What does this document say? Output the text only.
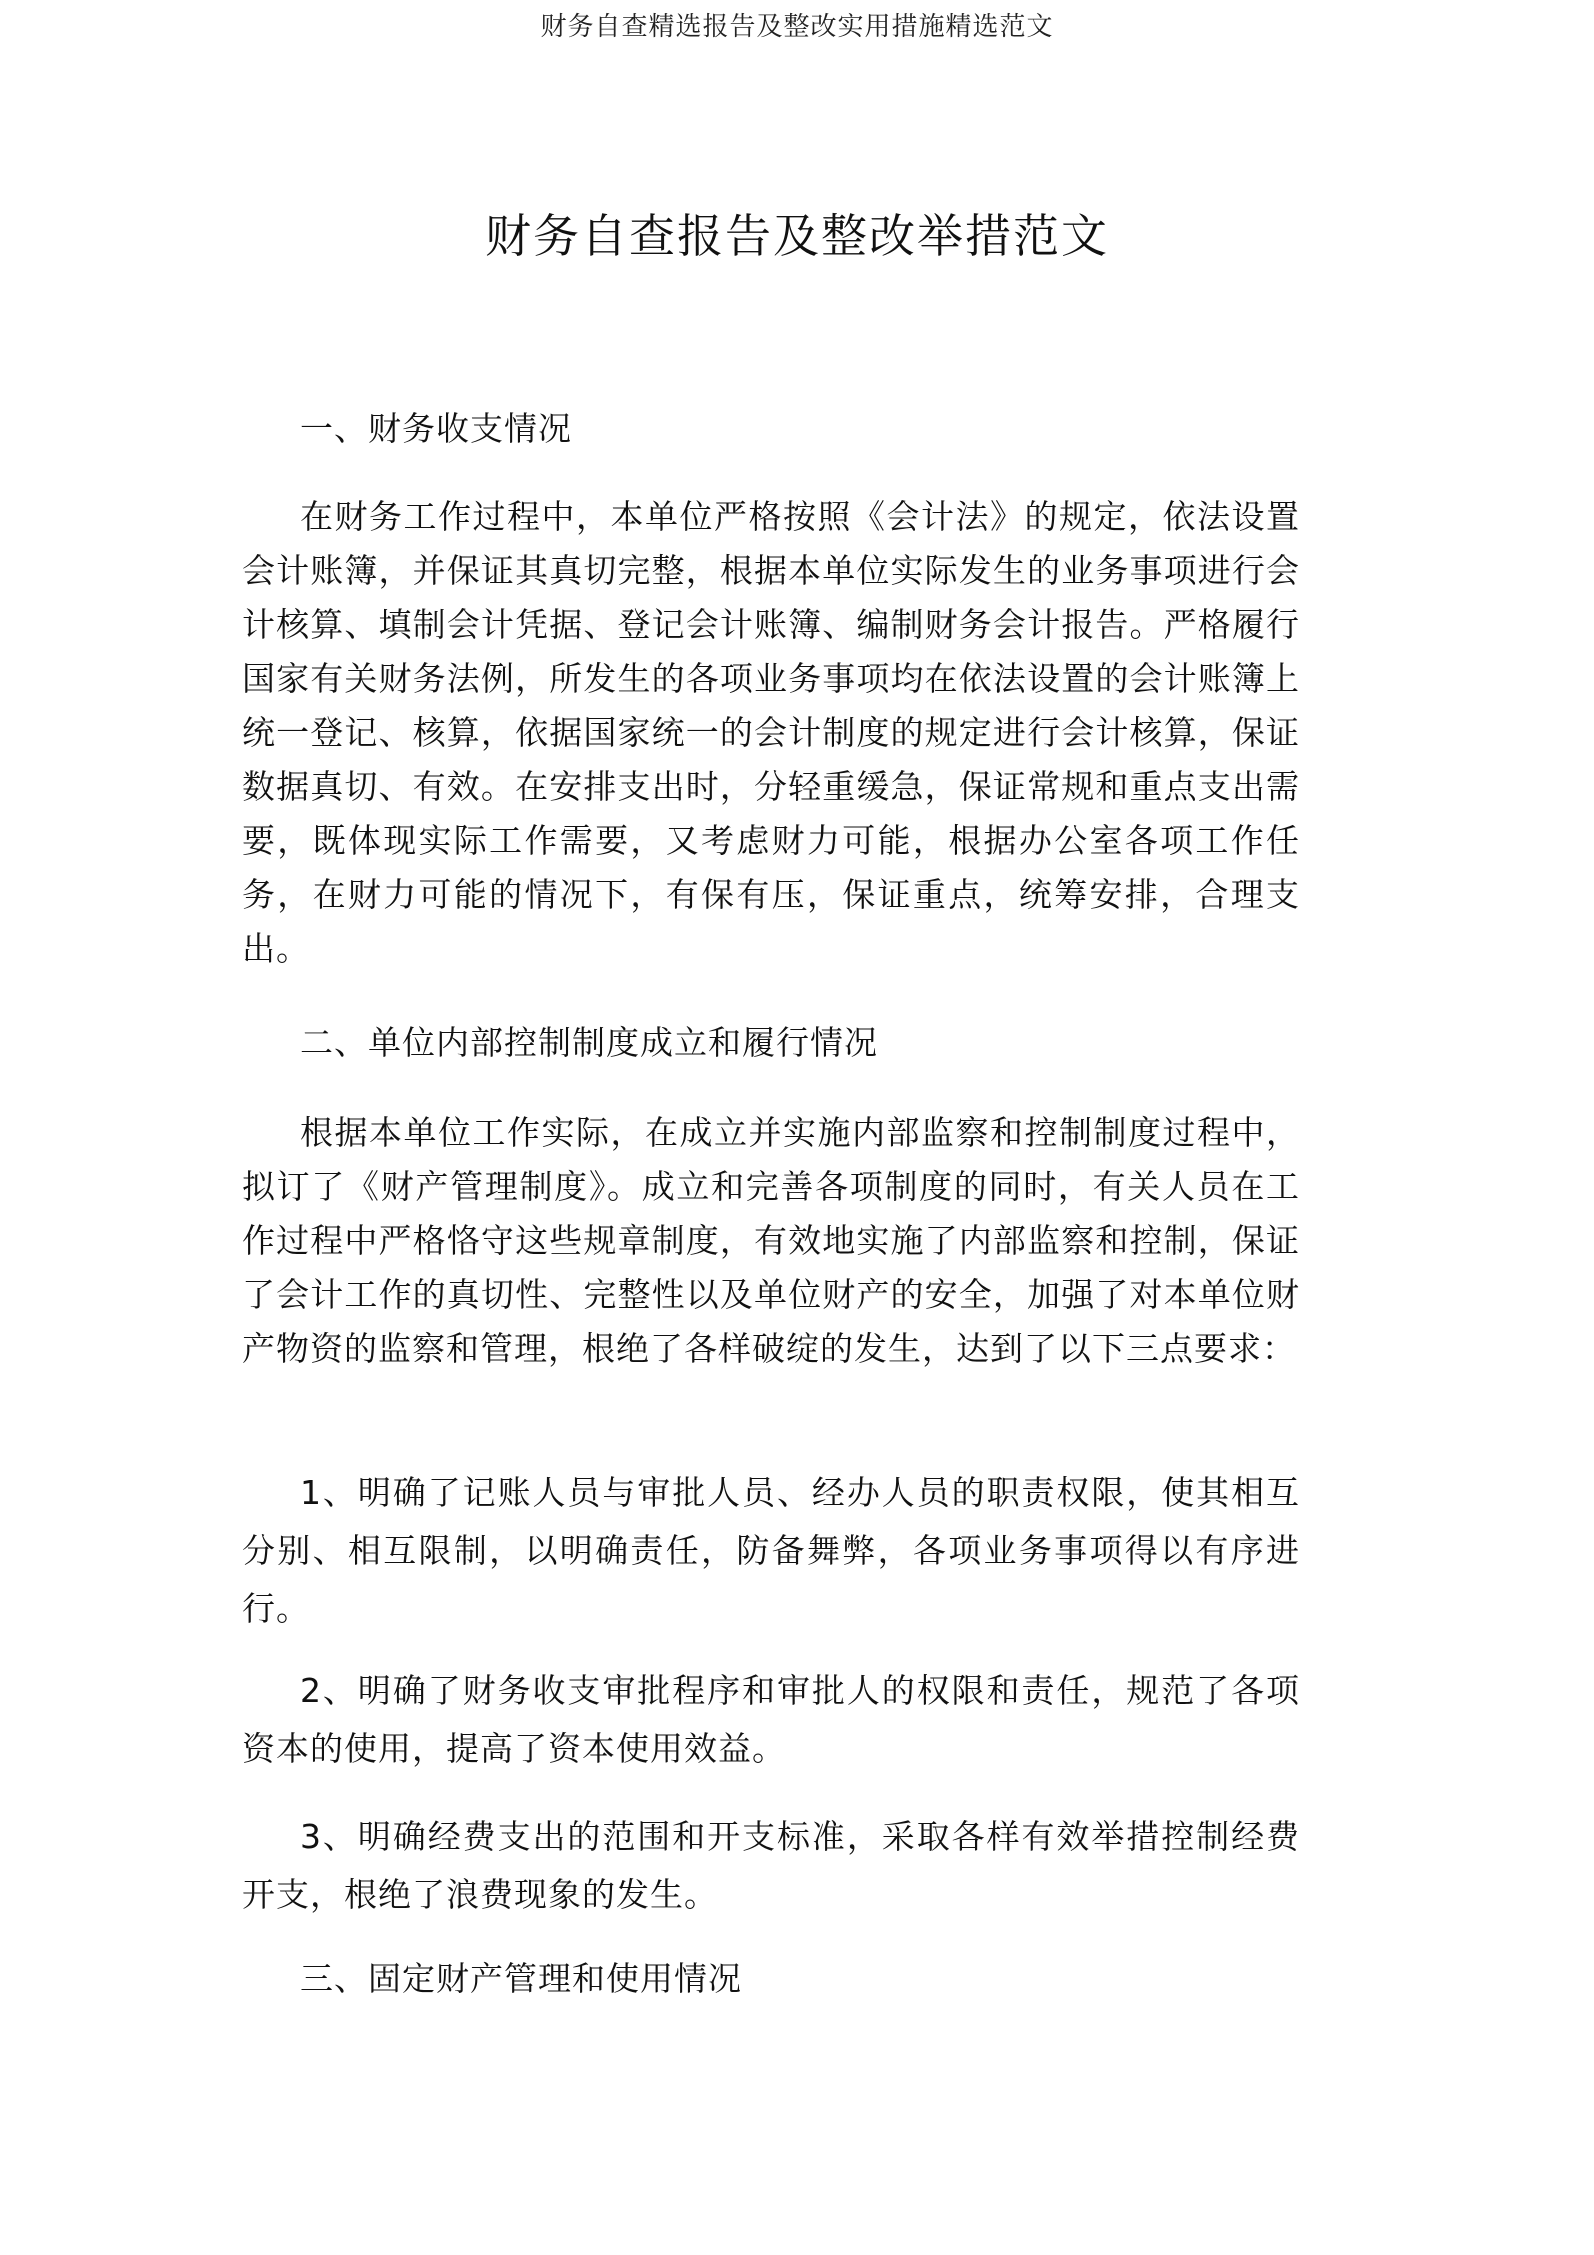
财务自查精选报告及整改实用措施精选范文

财务自查报告及整改举措范文

一、财务收支情况

在财务工作过程中，本单位严格按照《会计法》的规定，依法设置会计账簿，并保证其真切完整，根据本单位实际发生的业务事项进行会计核算、填制会计凭据、登记会计账簿、编制财务会计报告。严格履行国家有关财务法例，所发生的各项业务事项均在依法设置的会计账簿上统一登记、核算，依据国家统一的会计制度的规定进行会计核算，保证数据真切、有效。在安排支出时，分轻重缓急，保证常规和重点支出需要，既体现实际工作需要，又考虑财力可能，根据办公室各项工作任务，在财力可能的情况下，有保有压，保证重点，统筹安排，合理支出。

二、单位内部控制制度成立和履行情况

根据本单位工作实际，在成立并实施内部监察和控制制度过程中，拟订了《财产管理制度》。成立和完善各项制度的同时，有关人员在工作过程中严格恪守这些规章制度，有效地实施了内部监察和控制，保证了会计工作的真切性、完整性以及单位财产的安全，加强了对本单位财产物资的监察和管理，根绝了各样破绽的发生，达到了以下三点要求：

1、明确了记账人员与审批人员、经办人员的职责权限，使其相互分别、相互限制，以明确责任，防备舞弊，各项业务事项得以有序进行。

2、明确了财务收支审批程序和审批人的权限和责任，规范了各项资本的使用，提高了资本使用效益。

3、明确经费支出的范围和开支标准，采取各样有效举措控制经费开支，根绝了浪费现象的发生。

三、固定财产管理和使用情况
